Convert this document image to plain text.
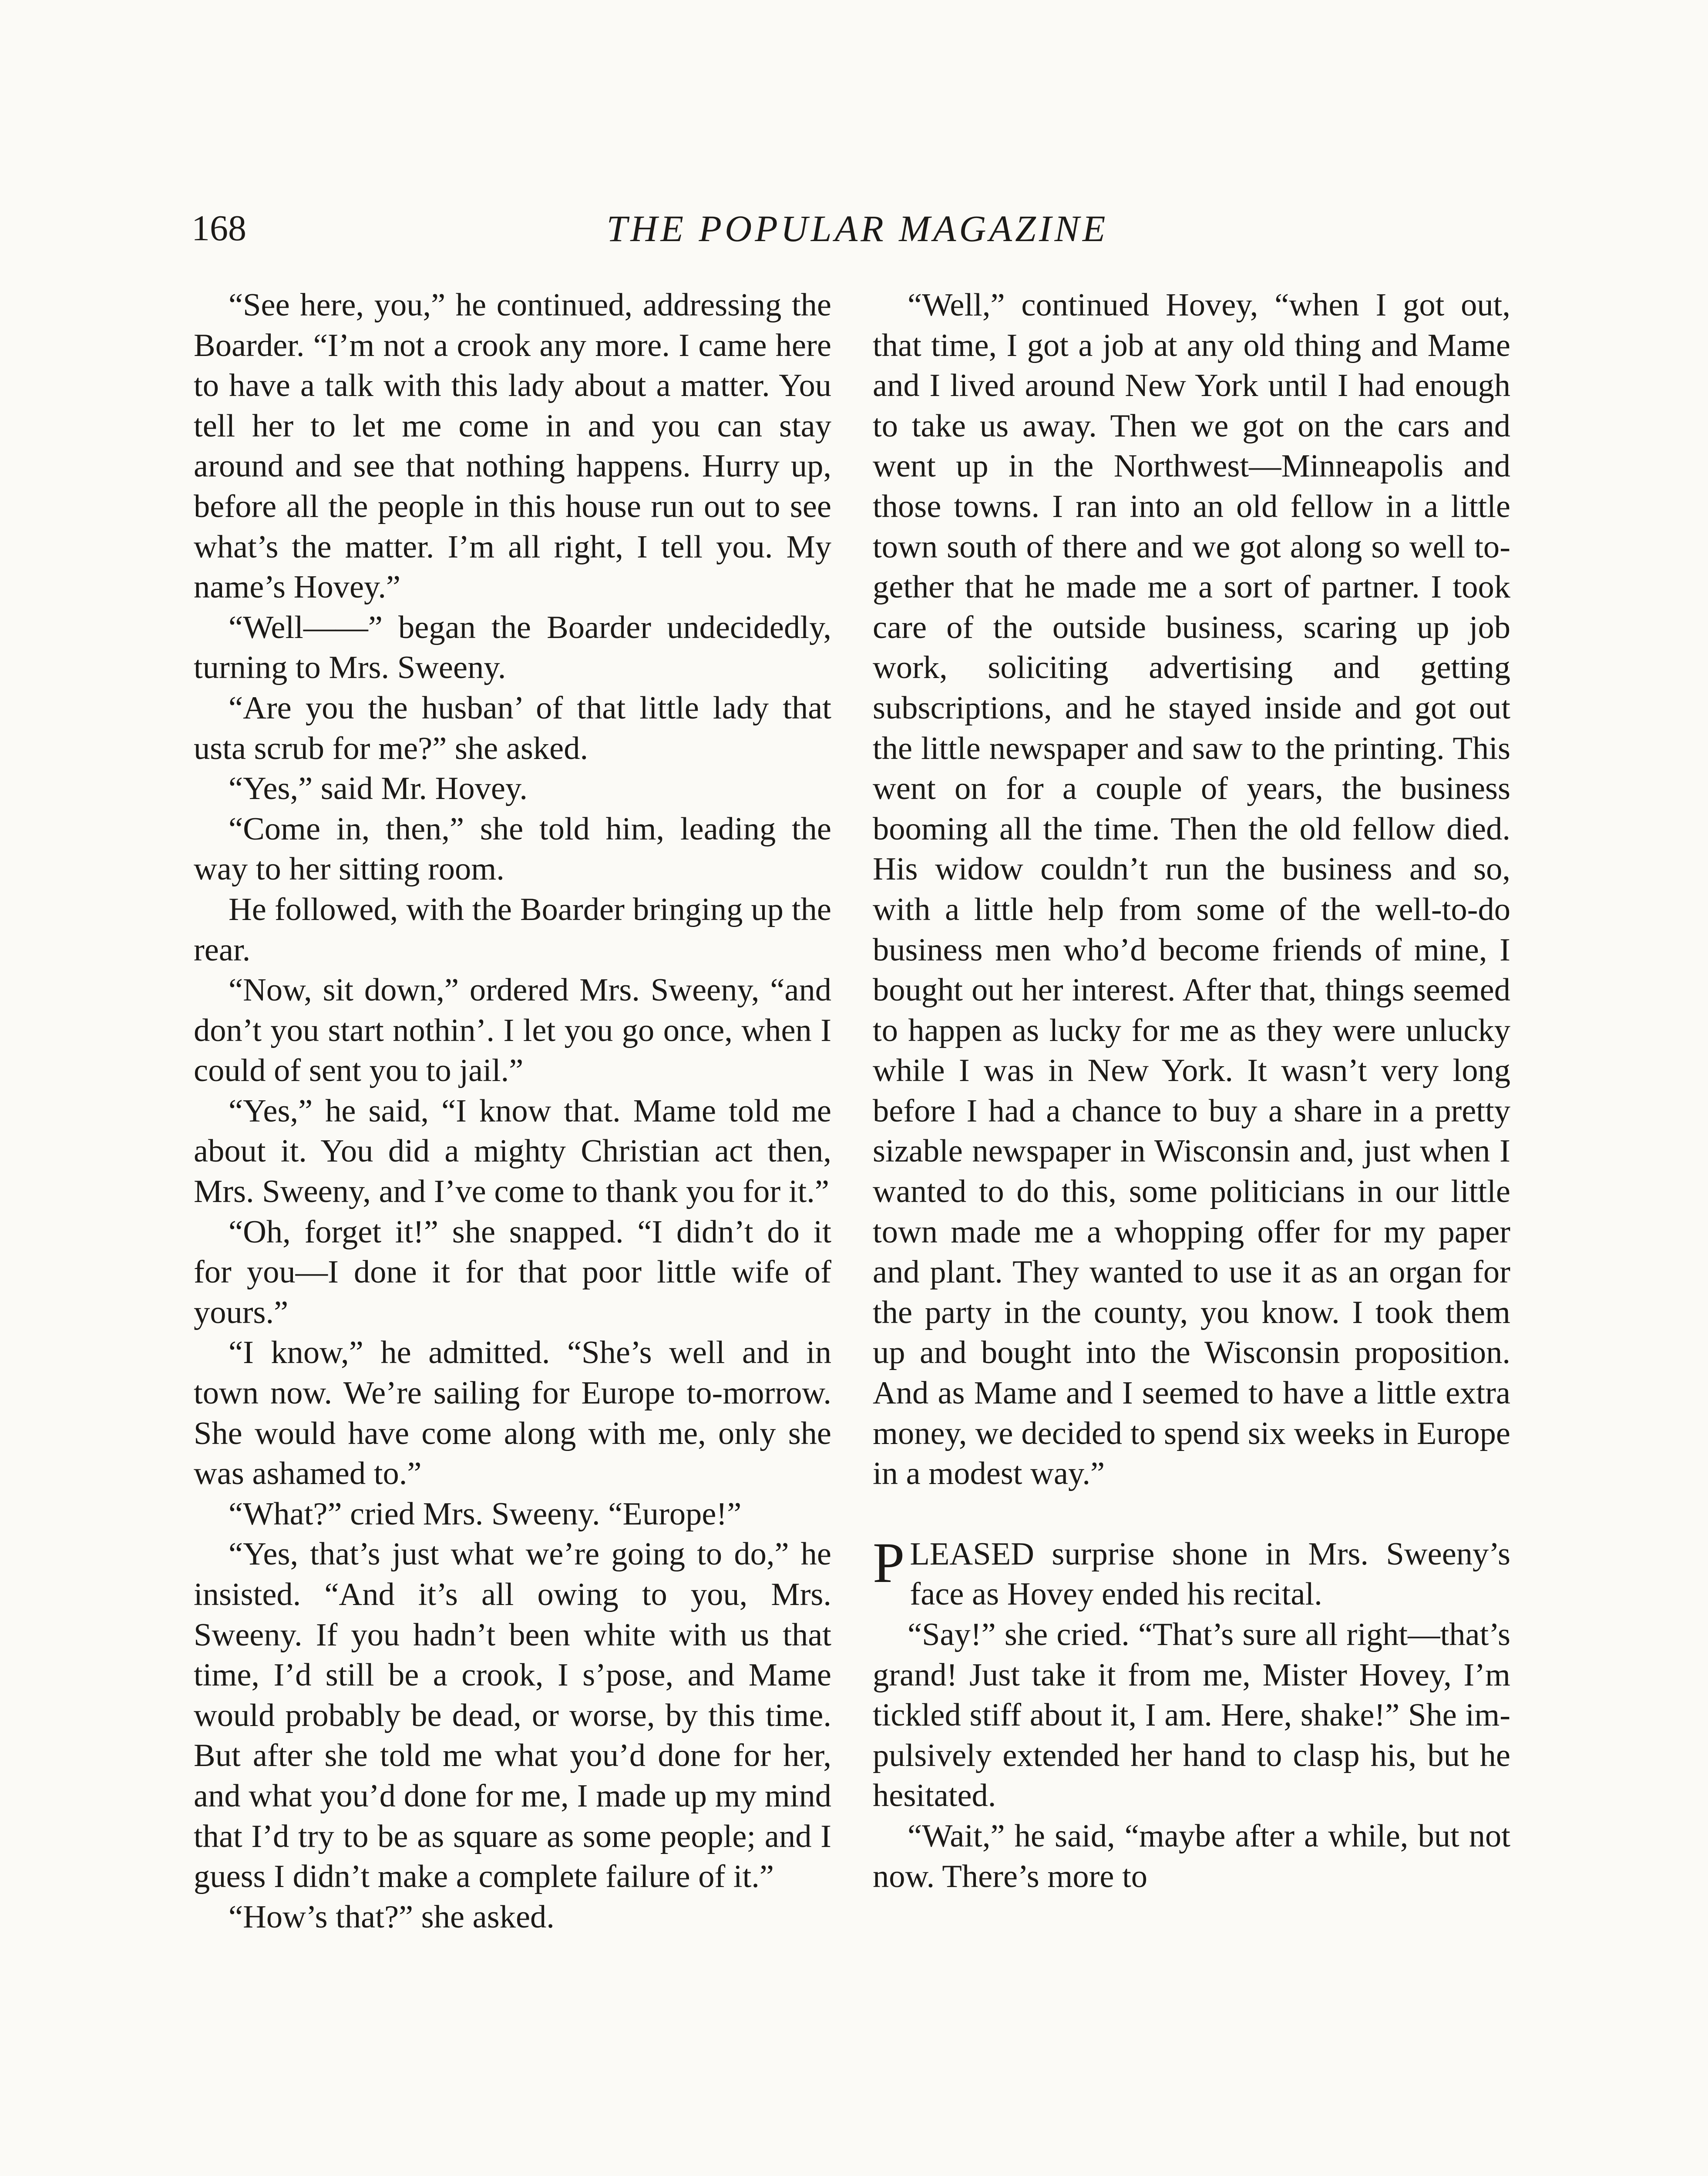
168	THE POPULAR MAGAZINE

“See here, you,” he continued, addressing the Boarder. “I’m not a crook any more. I came here to have a talk with this lady about a matter. You tell her to let me come in and you can stay around and see that nothing happens. Hurry up, before all the people in this house run out to see what’s the matter. I’m all right, I tell you. My name’s Hovey.”

“Well——” began the Boarder undecidedly, turning to Mrs. Sweeny.

“Are you the husban’ of that little lady that usta scrub for me?” she asked.

“Yes,” said Mr. Hovey.

“Come in, then,” she told him, leading the way to her sitting room.

He followed, with the Boarder bringing up the rear.

“Now, sit down,” ordered Mrs. Sweeny, “and don’t you start nothin’. I let you go once, when I could of sent you to jail.”

“Yes,” he said, “I know that. Mame told me about it. You did a mighty Christian act then, Mrs. Sweeny, and I’ve come to thank you for it.”

“Oh, forget it!” she snapped. “I didn’t do it for you—I done it for that poor little wife of yours.”

“I know,” he admitted. “She’s well and in town now. We’re sailing for Europe to-morrow. She would have come along with me, only she was ashamed to.”

“What?” cried Mrs. Sweeny. “Europe!”

“Yes, that’s just what we’re going to do,” he insisted. “And it’s all owing to you, Mrs. Sweeny. If you hadn’t been white with us that time, I’d still be a crook, I s’pose, and Mame would probably be dead, or worse, by this time. But after she told me what you’d done for her, and what you’d done for me, I made up my mind that I’d try to be as square as some people; and I guess I didn’t make a complete failure of it.”

“How’s that?” she asked.

“Well,” continued Hovey, “when I got out, that time, I got a job at any old thing and Mame and I lived around New York until I had enough to take us away. Then we got on the cars and went up in the Northwest—Minneapolis and those towns. I ran into an old fellow in a little town south of there and we got along so well together that he made me a sort of partner. I took care of the outside business, scaring up job work, soliciting advertising and getting subscriptions, and he stayed inside and got out the little newspaper and saw to the printing. This went on for a couple of years, the business booming all the time. Then the old fellow died. His widow couldn’t run the business and so, with a little help from some of the well-to-do business men who’d become friends of mine, I bought out her interest. After that, things seemed to happen as lucky for me as they were unlucky while I was in New York. It wasn’t very long before I had a chance to buy a share in a pretty sizable newspaper in Wisconsin and, just when I wanted to do this, some politicians in our little town made me a whopping offer for my paper and plant. They wanted to use it as an organ for the party in the county, you know. I took them up and bought into the Wisconsin proposition. And as Mame and I seemed to have a little extra money, we decided to spend six weeks in Europe in a modest way.”

PLEASED surprise shone in Mrs. Sweeny’s face as Hovey ended his recital.

“Say!” she cried. “That’s sure all right—that’s grand! Just take it from me, Mister Hovey, I’m tickled stiff about it, I am. Here, shake!” She impulsively extended her hand to clasp his, but he hesitated.

“Wait,” he said, “maybe after a while, but not now. There’s more to
